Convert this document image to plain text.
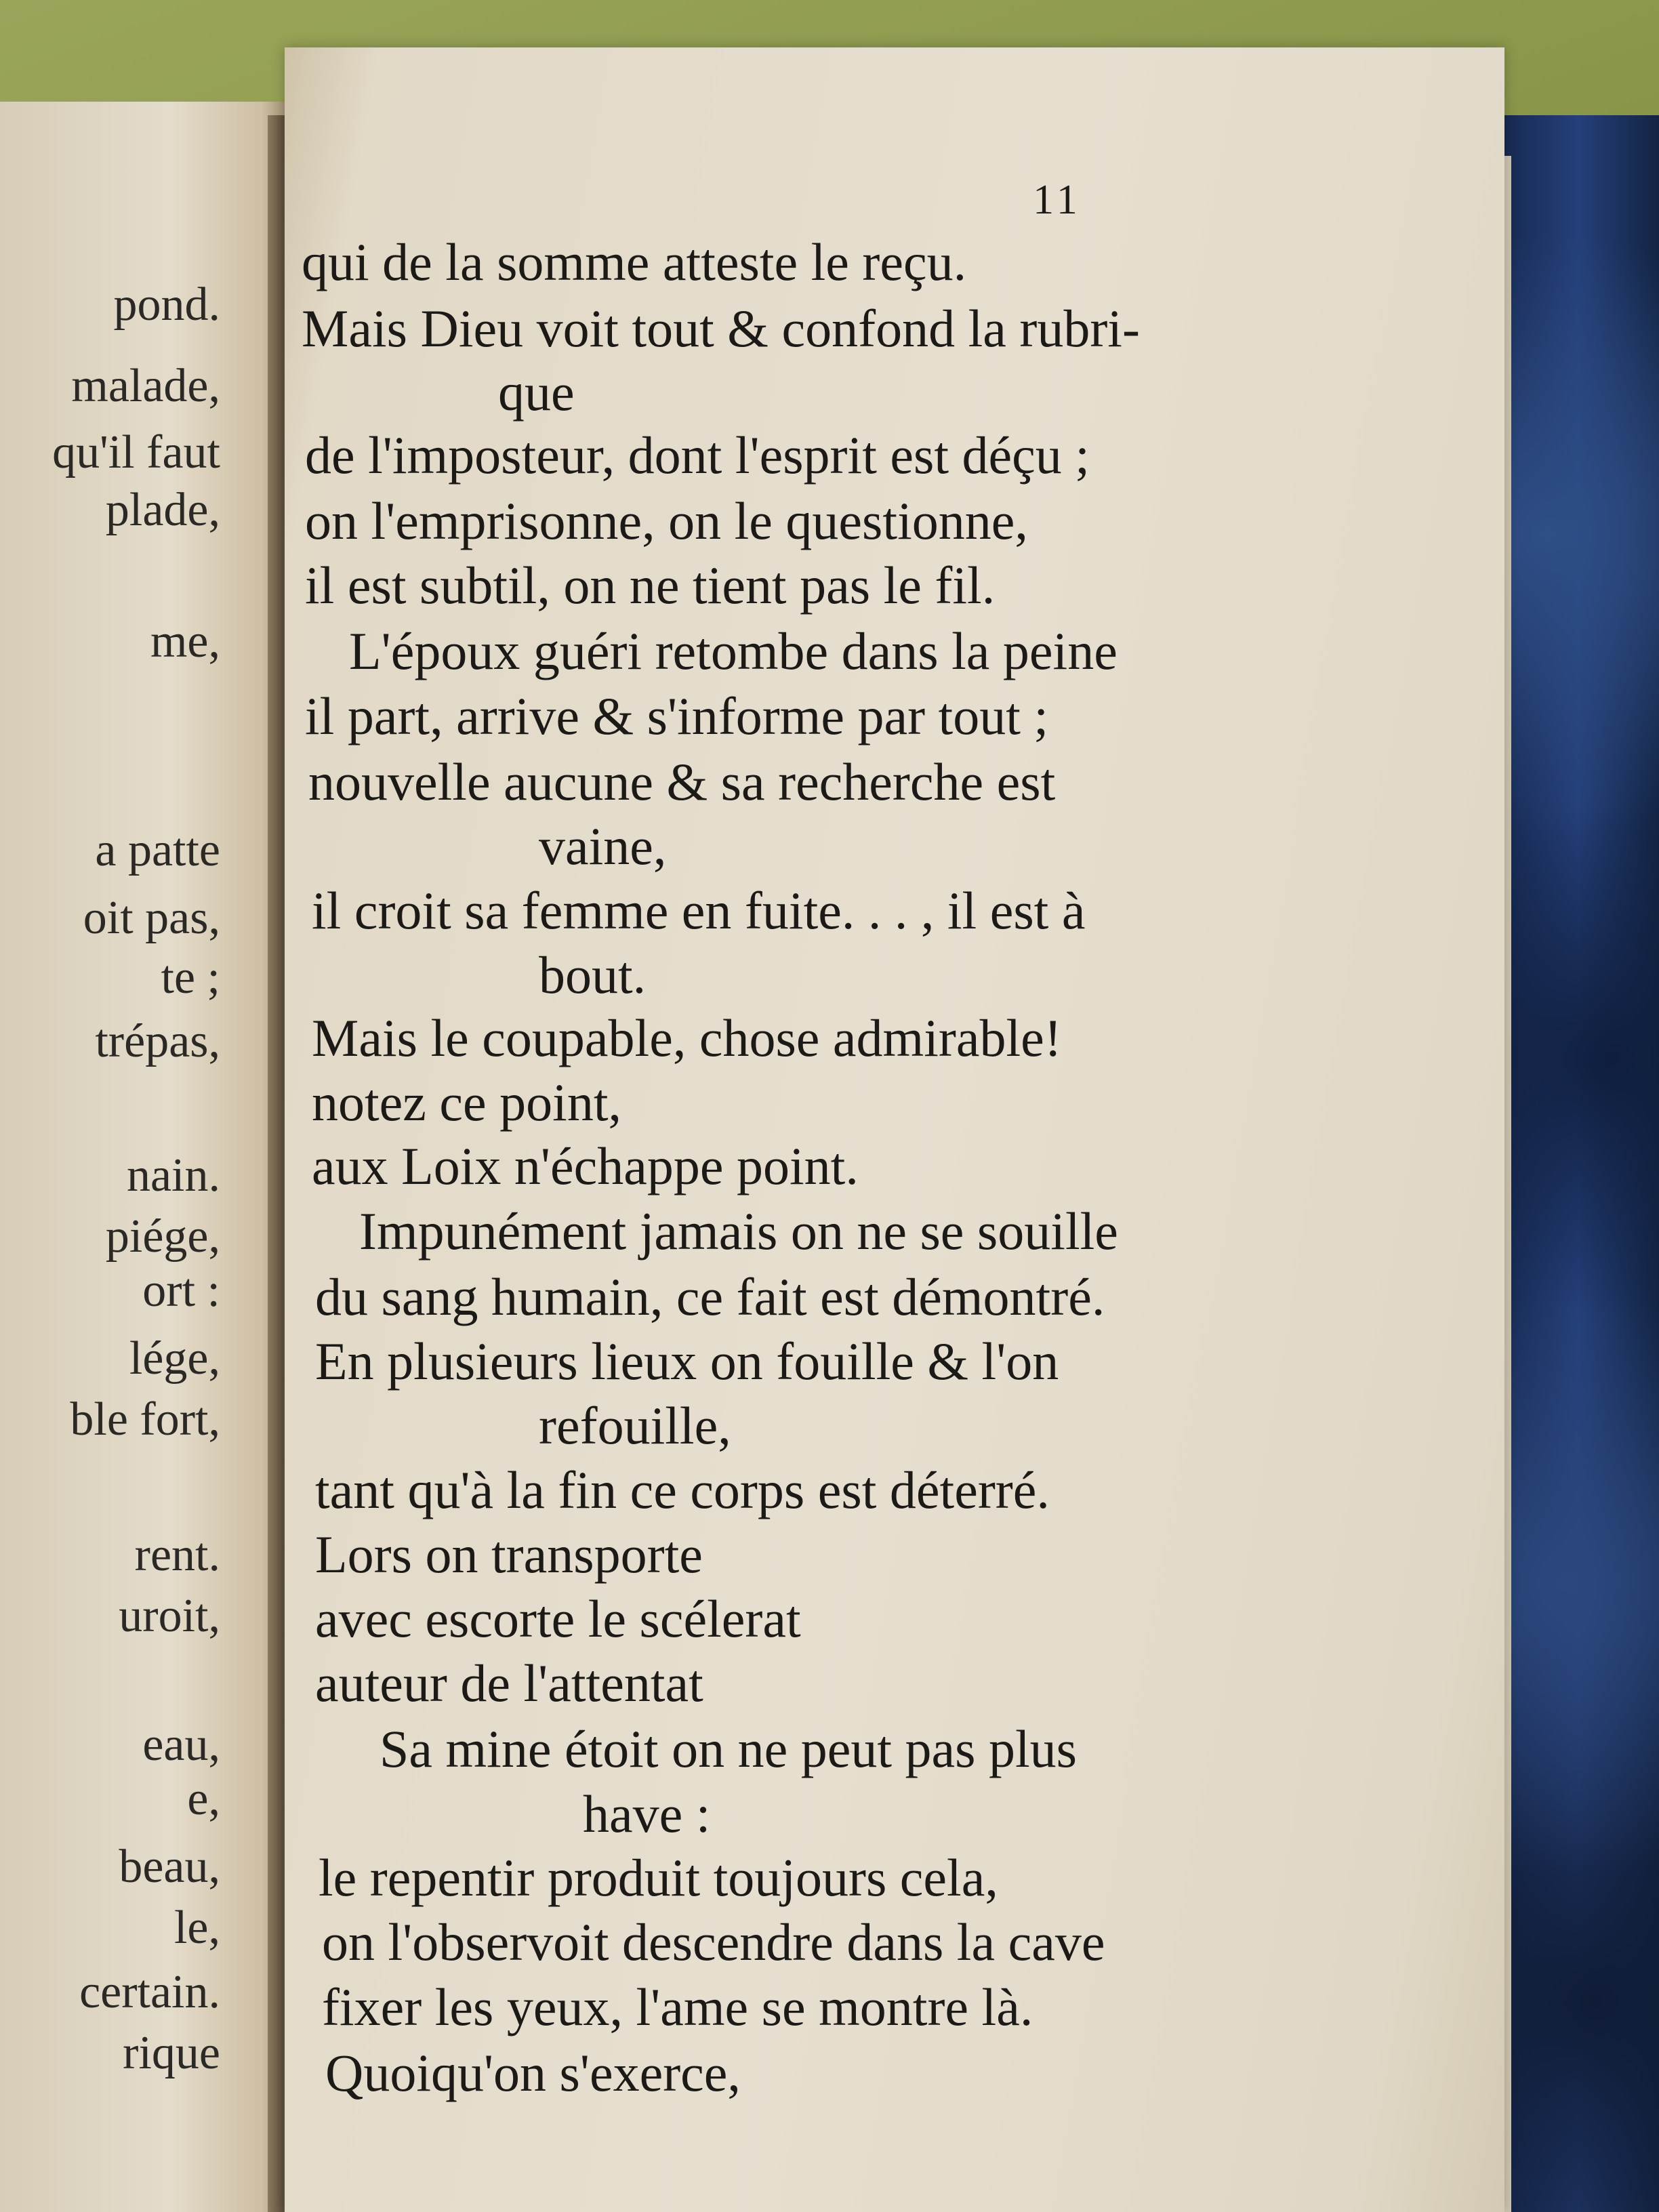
pond.
malade,
qu'il faut
plade,
me,
a patte
oit pas,
te ;
trépas,
nain.
piége,
ort :
lége,
ble fort,
rent.
uroit,
eau,
e,
beau,
le,
certain.
rique
11
qui de la somme atteste le reçu.
Mais Dieu voit tout & confond la rubri-
que
de l'imposteur, dont l'esprit est déçu ;
on l'emprisonne, on le questionne,
il est subtil, on ne tient pas le fil.
L'époux guéri retombe dans la peine
il part, arrive & s'informe par tout ;
nouvelle aucune & sa recherche est
vaine,
il croit sa femme en fuite. . . , il est à
bout.
Mais le coupable, chose admirable!
notez ce point,
aux Loix n'échappe point.
Impunément jamais on ne se souille
du sang humain, ce fait est démontré.
En plusieurs lieux on fouille & l'on
refouille,
tant qu'à la fin ce corps est déterré.
Lors on transporte
avec escorte le scélerat
auteur de l'attentat
Sa mine étoit on ne peut pas plus
have :
le repentir produit toujours cela,
on l'observoit descendre dans la cave
fixer les yeux, l'ame se montre là.
Quoiqu'on s'exerce,
